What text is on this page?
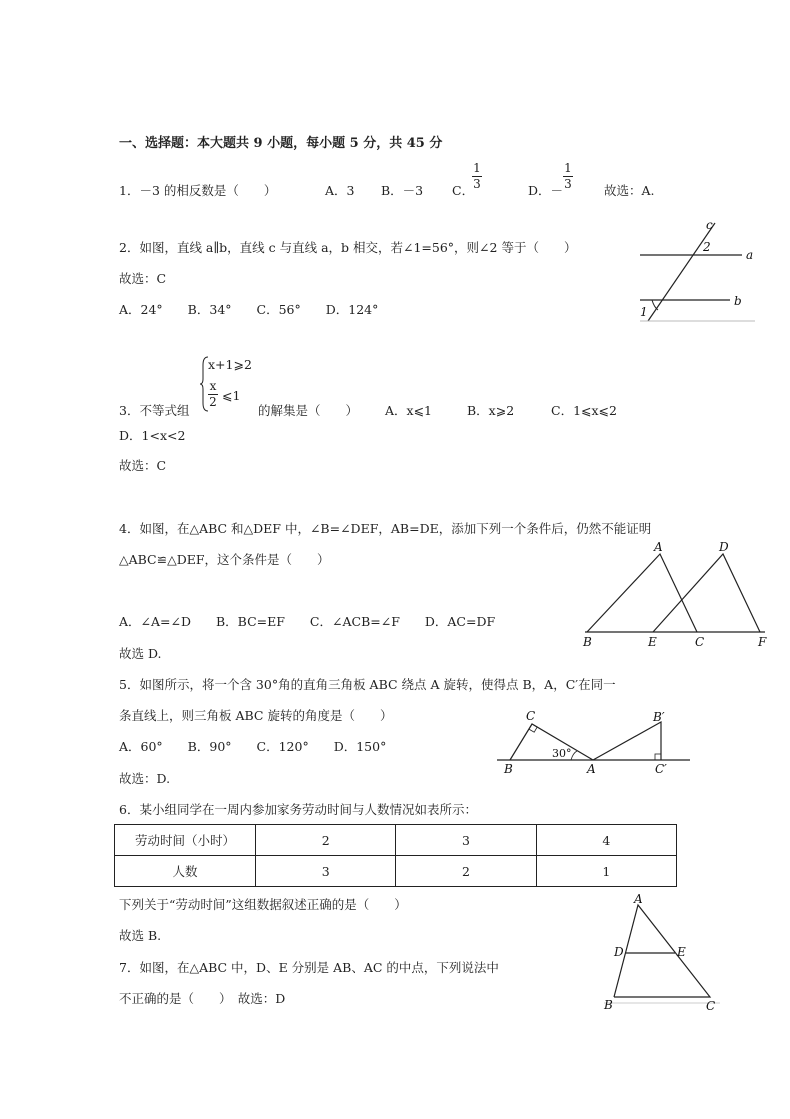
一、选择题：本大题共 9 小题，每小题 5 分，共 45 分
1．－3 的相反数是（　　）	A．3 B．－3 C．
1
3	D．－
1
3	故选：A.
2．如图，直线 a∥b，直线 c 与直线 a，b 相交，若∠1=56°，则∠2 等于（　　）
故选：C
A．24°　　B．34°　　C．56°　　D．124°
c
a
b
1
2
x+1⩾2
x
2 ⩽1
3．不等式组	的解集是（　　） A．x⩽1	B．x⩾2	C．1⩽x⩽2
D．1<x<2
故选：C
4．如图，在△ABC 和△DEF 中，∠B=∠DEF，AB=DE，添加下列一个条件后，仍然不能证明
△ABC≌△DEF，这个条件是（　　）
A．∠A=∠D　　B．BC=EF　　C．∠ACB=∠F　　D．AC=DF
故选 D.
A	D
B	E	C	F
5．如图所示，将一个含 30°角的直角三角板 ABC 绕点 A 旋转，使得点 B，A，C′在同一
条直线上，则三角板 ABC 旋转的角度是（　　）
A．60°　　B．90°　　C．120°　　D．150°
故选：D.
C	B′
B	A	C′
30°
6．某小组同学在一周内参加家务劳动时间与人数情况如表所示：
劳动时间（小时）	2	3	4
人数	3	2	1
下列关于“劳动时间”这组数据叙述正确的是（　　）
故选 B.
7．如图，在△ABC 中，D、E 分别是 AB、AC 的中点，下列说法中
不正确的是（　　）　故选：D
A
D	E
B	C
